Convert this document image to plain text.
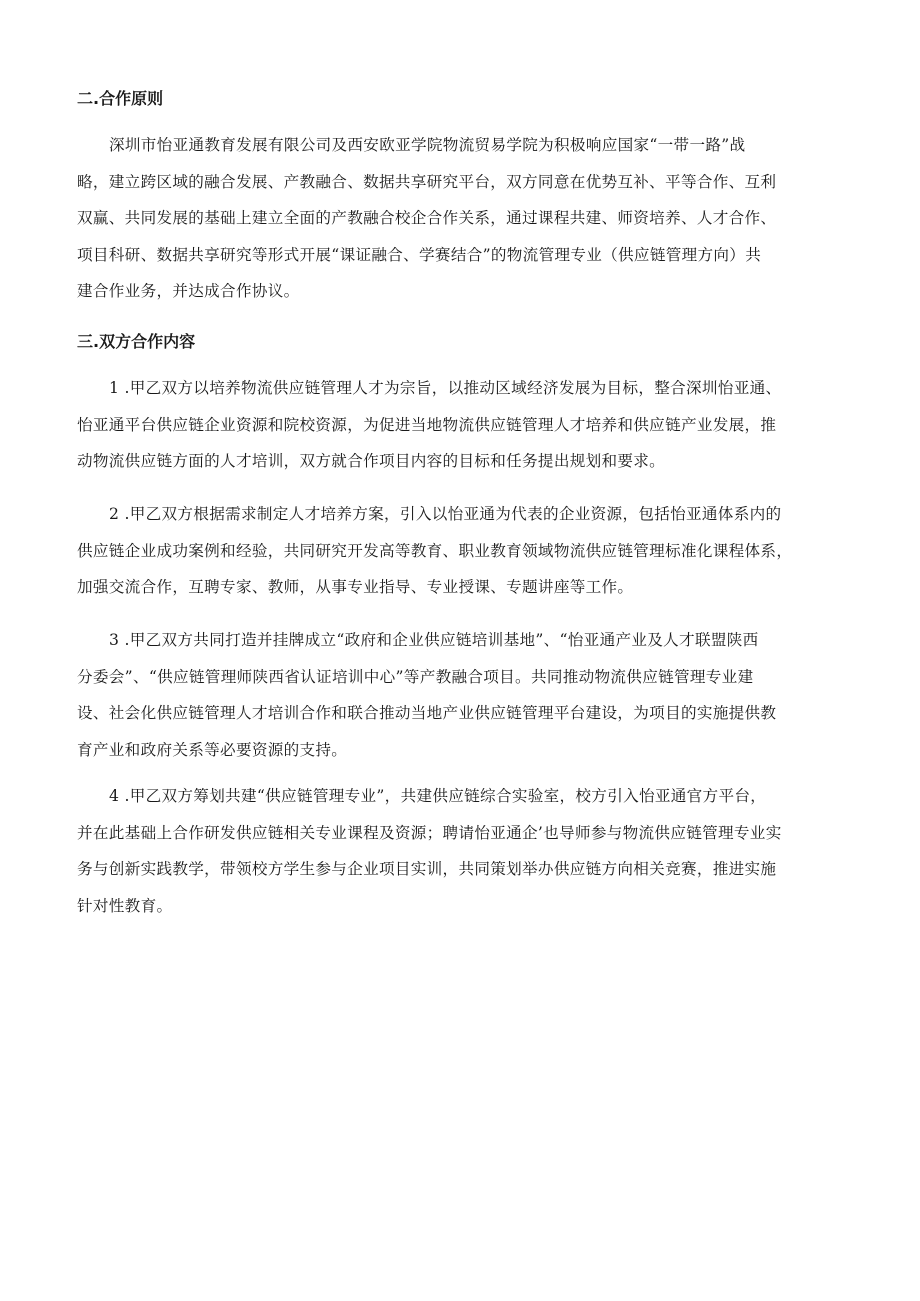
二.合作原则

深圳市怡亚通教育发展有限公司及西安欧亚学院物流贸易学院为积极响应国家“一带一路”战
略，建立跨区域的融合发展、产教融合、数据共享研究平台，双方同意在优势互补、平等合作、互利
双赢、共同发展的基础上建立全面的产教融合校企合作关系，通过课程共建、师资培养、人才合作、
项目科研、数据共享研究等形式开展“课证融合、学赛结合”的物流管理专业（供应链管理方向）共
建合作业务，并达成合作协议。

三.双方合作内容

1 .甲乙双方以培养物流供应链管理人才为宗旨，以推动区域经济发展为目标，整合深圳怡亚通、
怡亚通平台供应链企业资源和院校资源，为促进当地物流供应链管理人才培养和供应链产业发展，推
动物流供应链方面的人才培训，双方就合作项目内容的目标和任务提出规划和要求。

2 .甲乙双方根据需求制定人才培养方案，引入以怡亚通为代表的企业资源，包括怡亚通体系内的
供应链企业成功案例和经验，共同研究开发高等教育、职业教育领域物流供应链管理标准化课程体系，
加强交流合作，互聘专家、教师，从事专业指导、专业授课、专题讲座等工作。

3 .甲乙双方共同打造并挂牌成立“政府和企业供应链培训基地”、“怡亚通产业及人才联盟陕西
分委会”、“供应链管理师陕西省认证培训中心”等产教融合项目。共同推动物流供应链管理专业建
设、社会化供应链管理人才培训合作和联合推动当地产业供应链管理平台建设，为项目的实施提供教
育产业和政府关系等必要资源的支持。

4 .甲乙双方筹划共建“供应链管理专业”，共建供应链综合实验室，校方引入怡亚通官方平台，
并在此基础上合作研发供应链相关专业课程及资源；聘请怡亚通企’也导师参与物流供应链管理专业实
务与创新实践教学，带领校方学生参与企业项目实训，共同策划举办供应链方向相关竞赛，推进实施
针对性教育。
